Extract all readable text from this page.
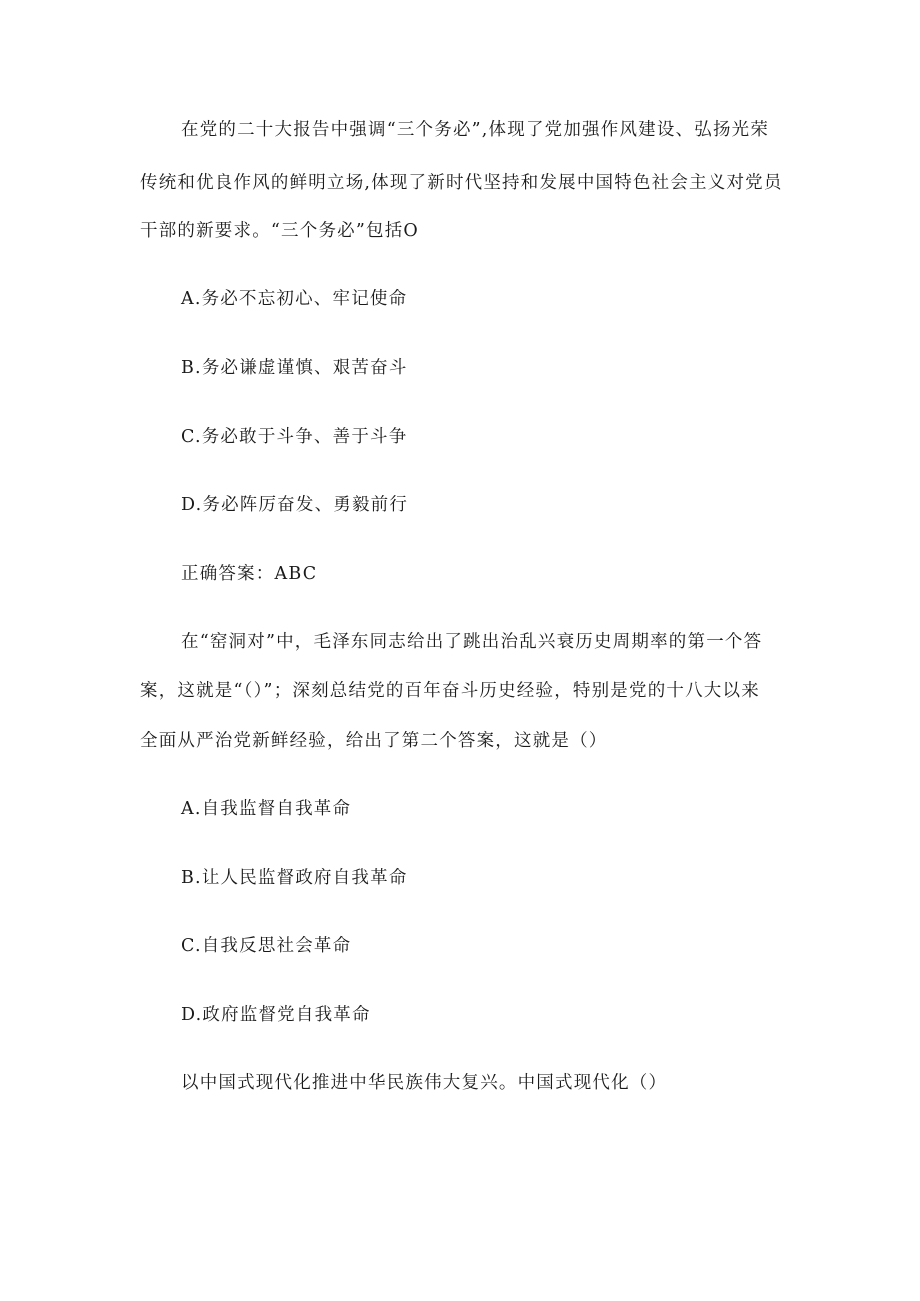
在党的二十大报告中强调“三个务必”,体现了党加强作风建设、弘扬光荣
传统和优良作风的鲜明立场,体现了新时代坚持和发展中国特色社会主义对党员
干部的新要求。“三个务必”包括O
A.务必不忘初心、牢记使命
B.务必谦虚谨慎、艰苦奋斗
C.务必敢于斗争、善于斗争
D.务必阵厉奋发、勇毅前行
正确答案：ABC
在“窑洞对”中，毛泽东同志给出了跳出治乱兴衰历史周期率的第一个答
案，这就是“（）”；深刻总结党的百年奋斗历史经验，特别是党的十八大以来
全面从严治党新鲜经验，给出了第二个答案，这就是（）
A.自我监督自我革命
B.让人民监督政府自我革命
C.自我反思社会革命
D.政府监督党自我革命
以中国式现代化推进中华民族伟大复兴。中国式现代化（）
